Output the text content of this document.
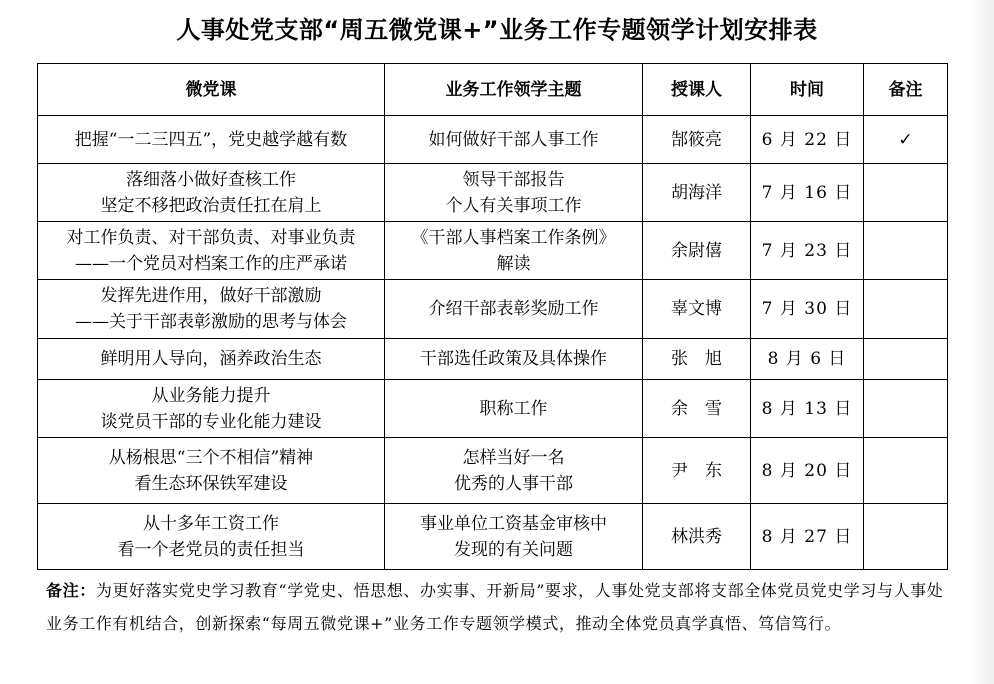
人事处党支部“周五微党课+”业务工作专题领学计划安排表
微党课	业务工作领学主题	授课人	时间	备注

把握“一二三四五”，党史越学越有数	如何做好干部人事工作	郜筱亮	6 月 22 日	✓

落细落小做好查核工作
坚定不移把政治责任扛在肩上	领导干部报告
个人有关事项工作	胡海洋	7 月 16 日	

对工作负责、对干部负责、对事业负责
——一个党员对档案工作的庄严承诺	《干部人事档案工作条例》
解读	余尉僖	7 月 23 日	

发挥先进作用，做好干部激励
——关于干部表彰激励的思考与体会	介绍干部表彰奖励工作	辜文博	7 月 30 日	

鲜明用人导向，涵养政治生态	干部选任政策及具体操作	张　旭	8 月 6 日	

从业务能力提升
谈党员干部的专业化能力建设	职称工作	余　雪	8 月 13 日	

从杨根思“三个不相信”精神
看生态环保铁军建设	怎样当好一名
优秀的人事干部	尹　东	8 月 20 日	

从十多年工资工作
看一个老党员的责任担当	事业单位工资基金审核中
发现的有关问题	林洪秀	8 月 27 日	
备注：为更好落实党史学习教育“学党史、悟思想、办实事、开新局”要求，人事处党支部将支部全体党员党史学习与人事处业务工作有机结合，创新探索“每周五微党课+”业务工作专题领学模式，推动全体党员真学真悟、笃信笃行。
